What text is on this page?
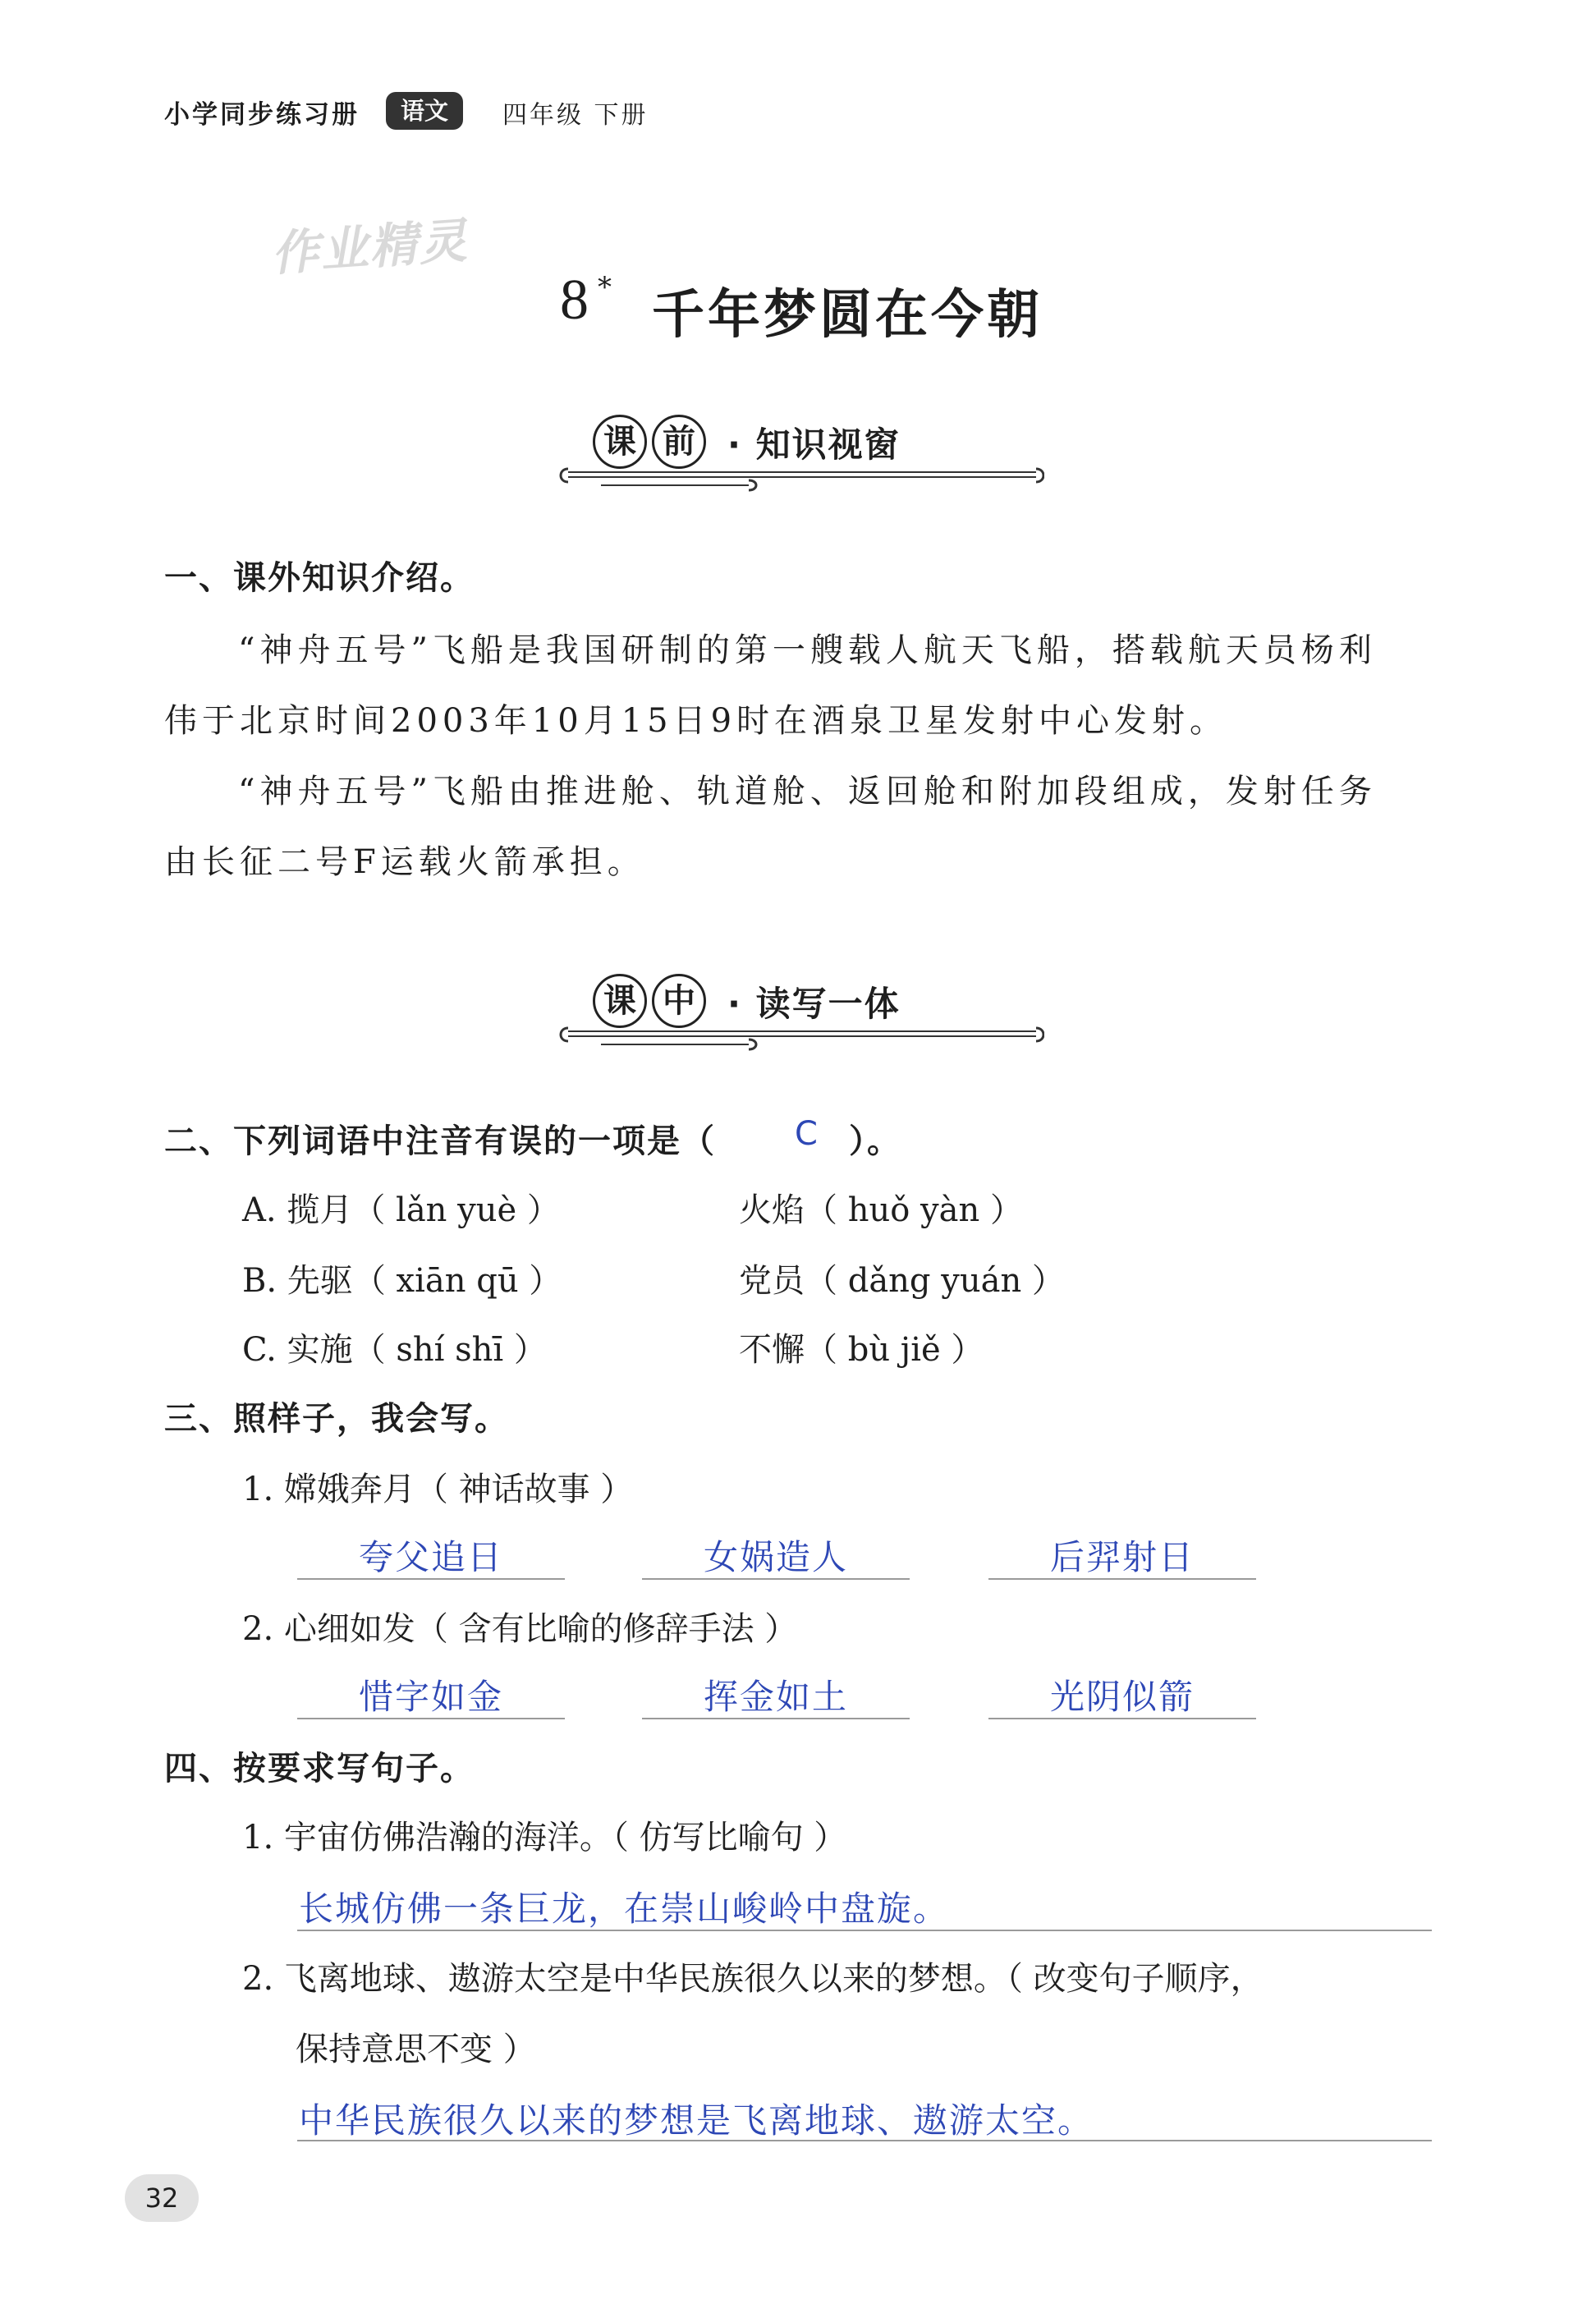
小学同步练习册	语文	四年级 下册
作业精灵
8 * 千年梦圆在今朝
课 前 · 知识视窗
一、课外知识介绍。
“神舟五号”飞船是我国研制的第一艘载人航天飞船，搭载航天员杨利
伟于北京时间2003年10月15日9时在酒泉卫星发射中心发射。
“神舟五号”飞船由推进舱、轨道舱、返回舱和附加段组成，发射任务
由长征二号F运载火箭承担。
课 中 · 读写一体
二、下列词语中注音有误的一项是（ C ）。
A. 揽月（ lǎn yuè ）	火焰（ huǒ yàn ）
B. 先驱（ xiān qū ）	党员（ dǎng yuán ）
C. 实施（ shí shī ）	不懈（ bù jiě ）
三、照样子，我会写。
1. 嫦娥奔月（ 神话故事 ）
夸父追日	女娲造人	后羿射日
2. 心细如发（ 含有比喻的修辞手法 ）
惜字如金	挥金如土	光阴似箭
四、按要求写句子。
1. 宇宙仿佛浩瀚的海洋。（ 仿写比喻句 ）
长城仿佛一条巨龙，在崇山峻岭中盘旋。
2. 飞离地球、遨游太空是中华民族很久以来的梦想。（ 改变句子顺序，
保持意思不变 ）
中华民族很久以来的梦想是飞离地球、遨游太空。
32
